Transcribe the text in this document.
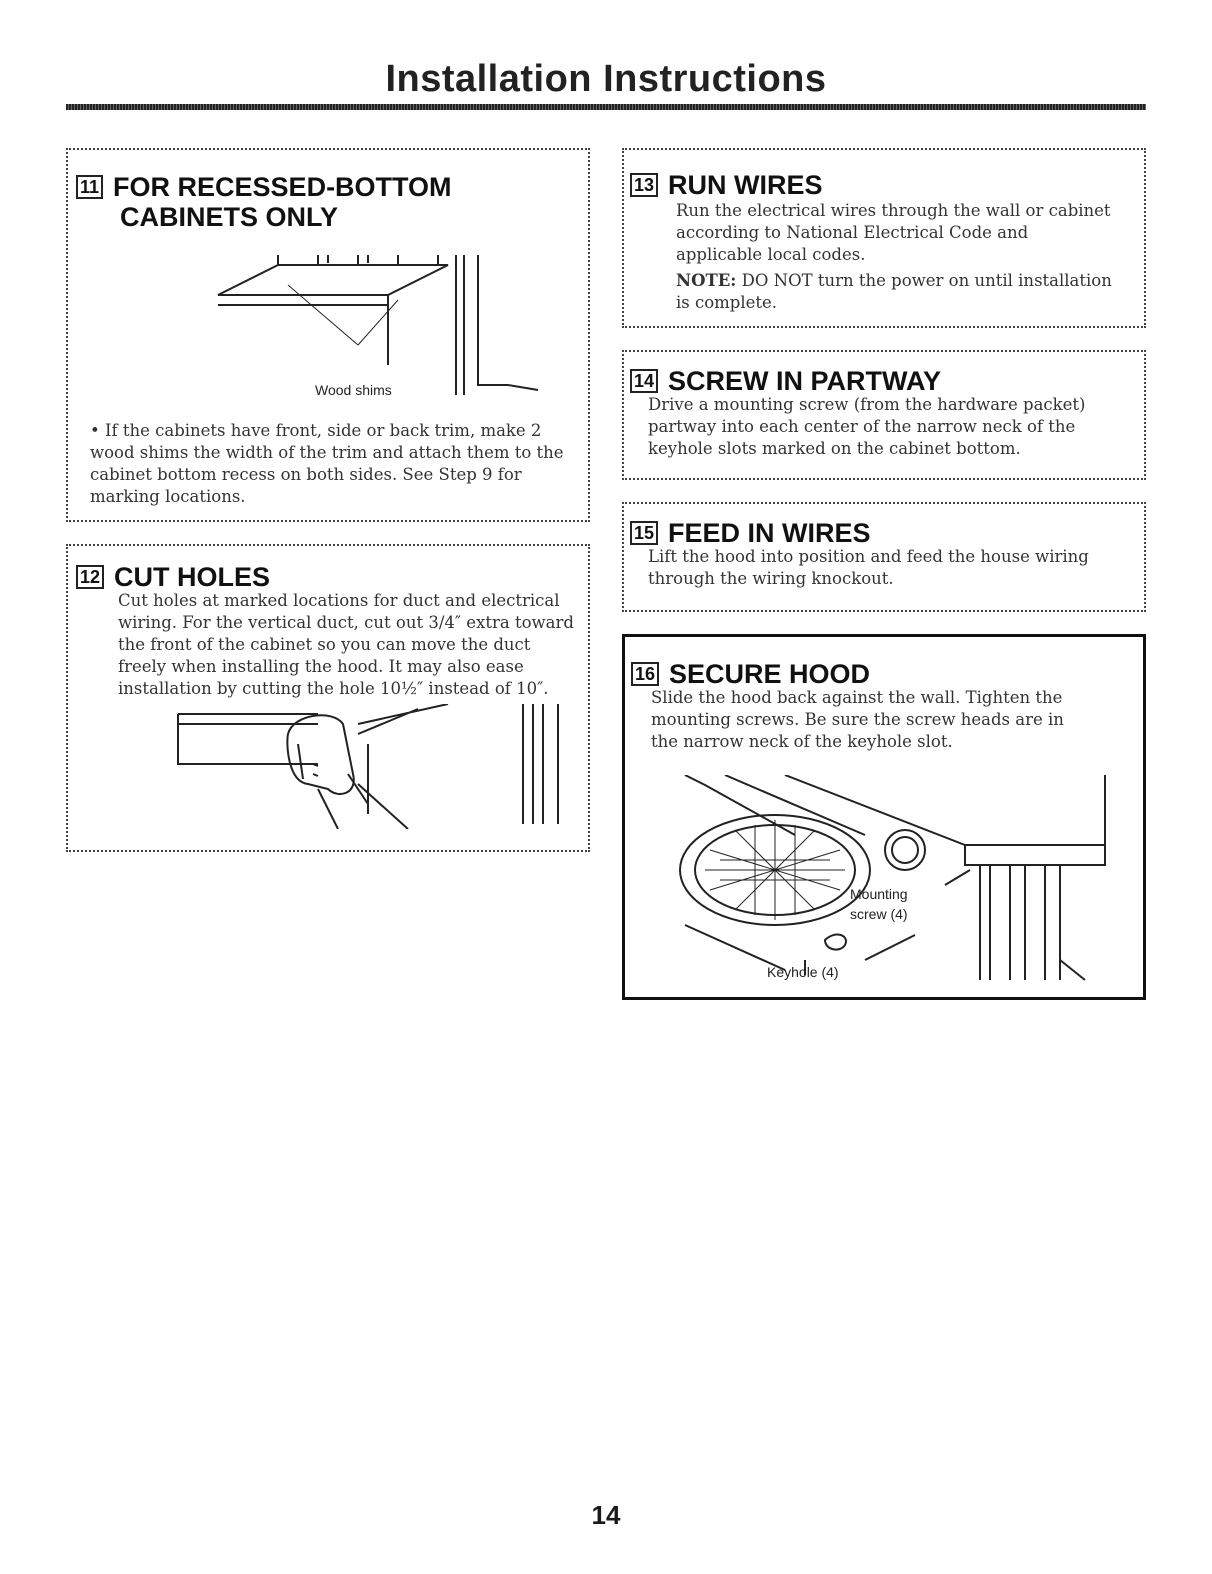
Installation Instructions
11 FOR RECESSED-BOTTOM
CABINETS ONLY
Wood shims

• If the cabinets have front, side or back trim, make 2 wood shims the width of the trim and attach them to the cabinet bottom recess on both sides. See Step 9 for marking locations.

12 CUT HOLES
Cut holes at marked locations for duct and electrical wiring. For the vertical duct, cut out 3/4″ extra toward the front of the cabinet so you can move the duct freely when installing the hood. It may also ease installation by cutting the hole 10½″ instead of 10″.
13 RUN WIRES

Run the electrical wires through the wall or cabinet according to National Electrical Code and applicable local codes.

NOTE: DO NOT turn the power on until installation is complete.

14 SCREW IN PARTWAY
Drive a mounting screw (from the hardware packet) partway into each center of the narrow neck of the keyhole slots marked on the cabinet bottom.
15 FEED IN WIRES
Lift the hood into position and feed the house wiring through the wiring knockout.
16 SECURE HOOD
Slide the hood back against the wall. Tighten the mounting screws. Be sure the screw heads are in the narrow neck of the keyhole slot.
Mounting
screw (4)
Keyhole (4)
14
